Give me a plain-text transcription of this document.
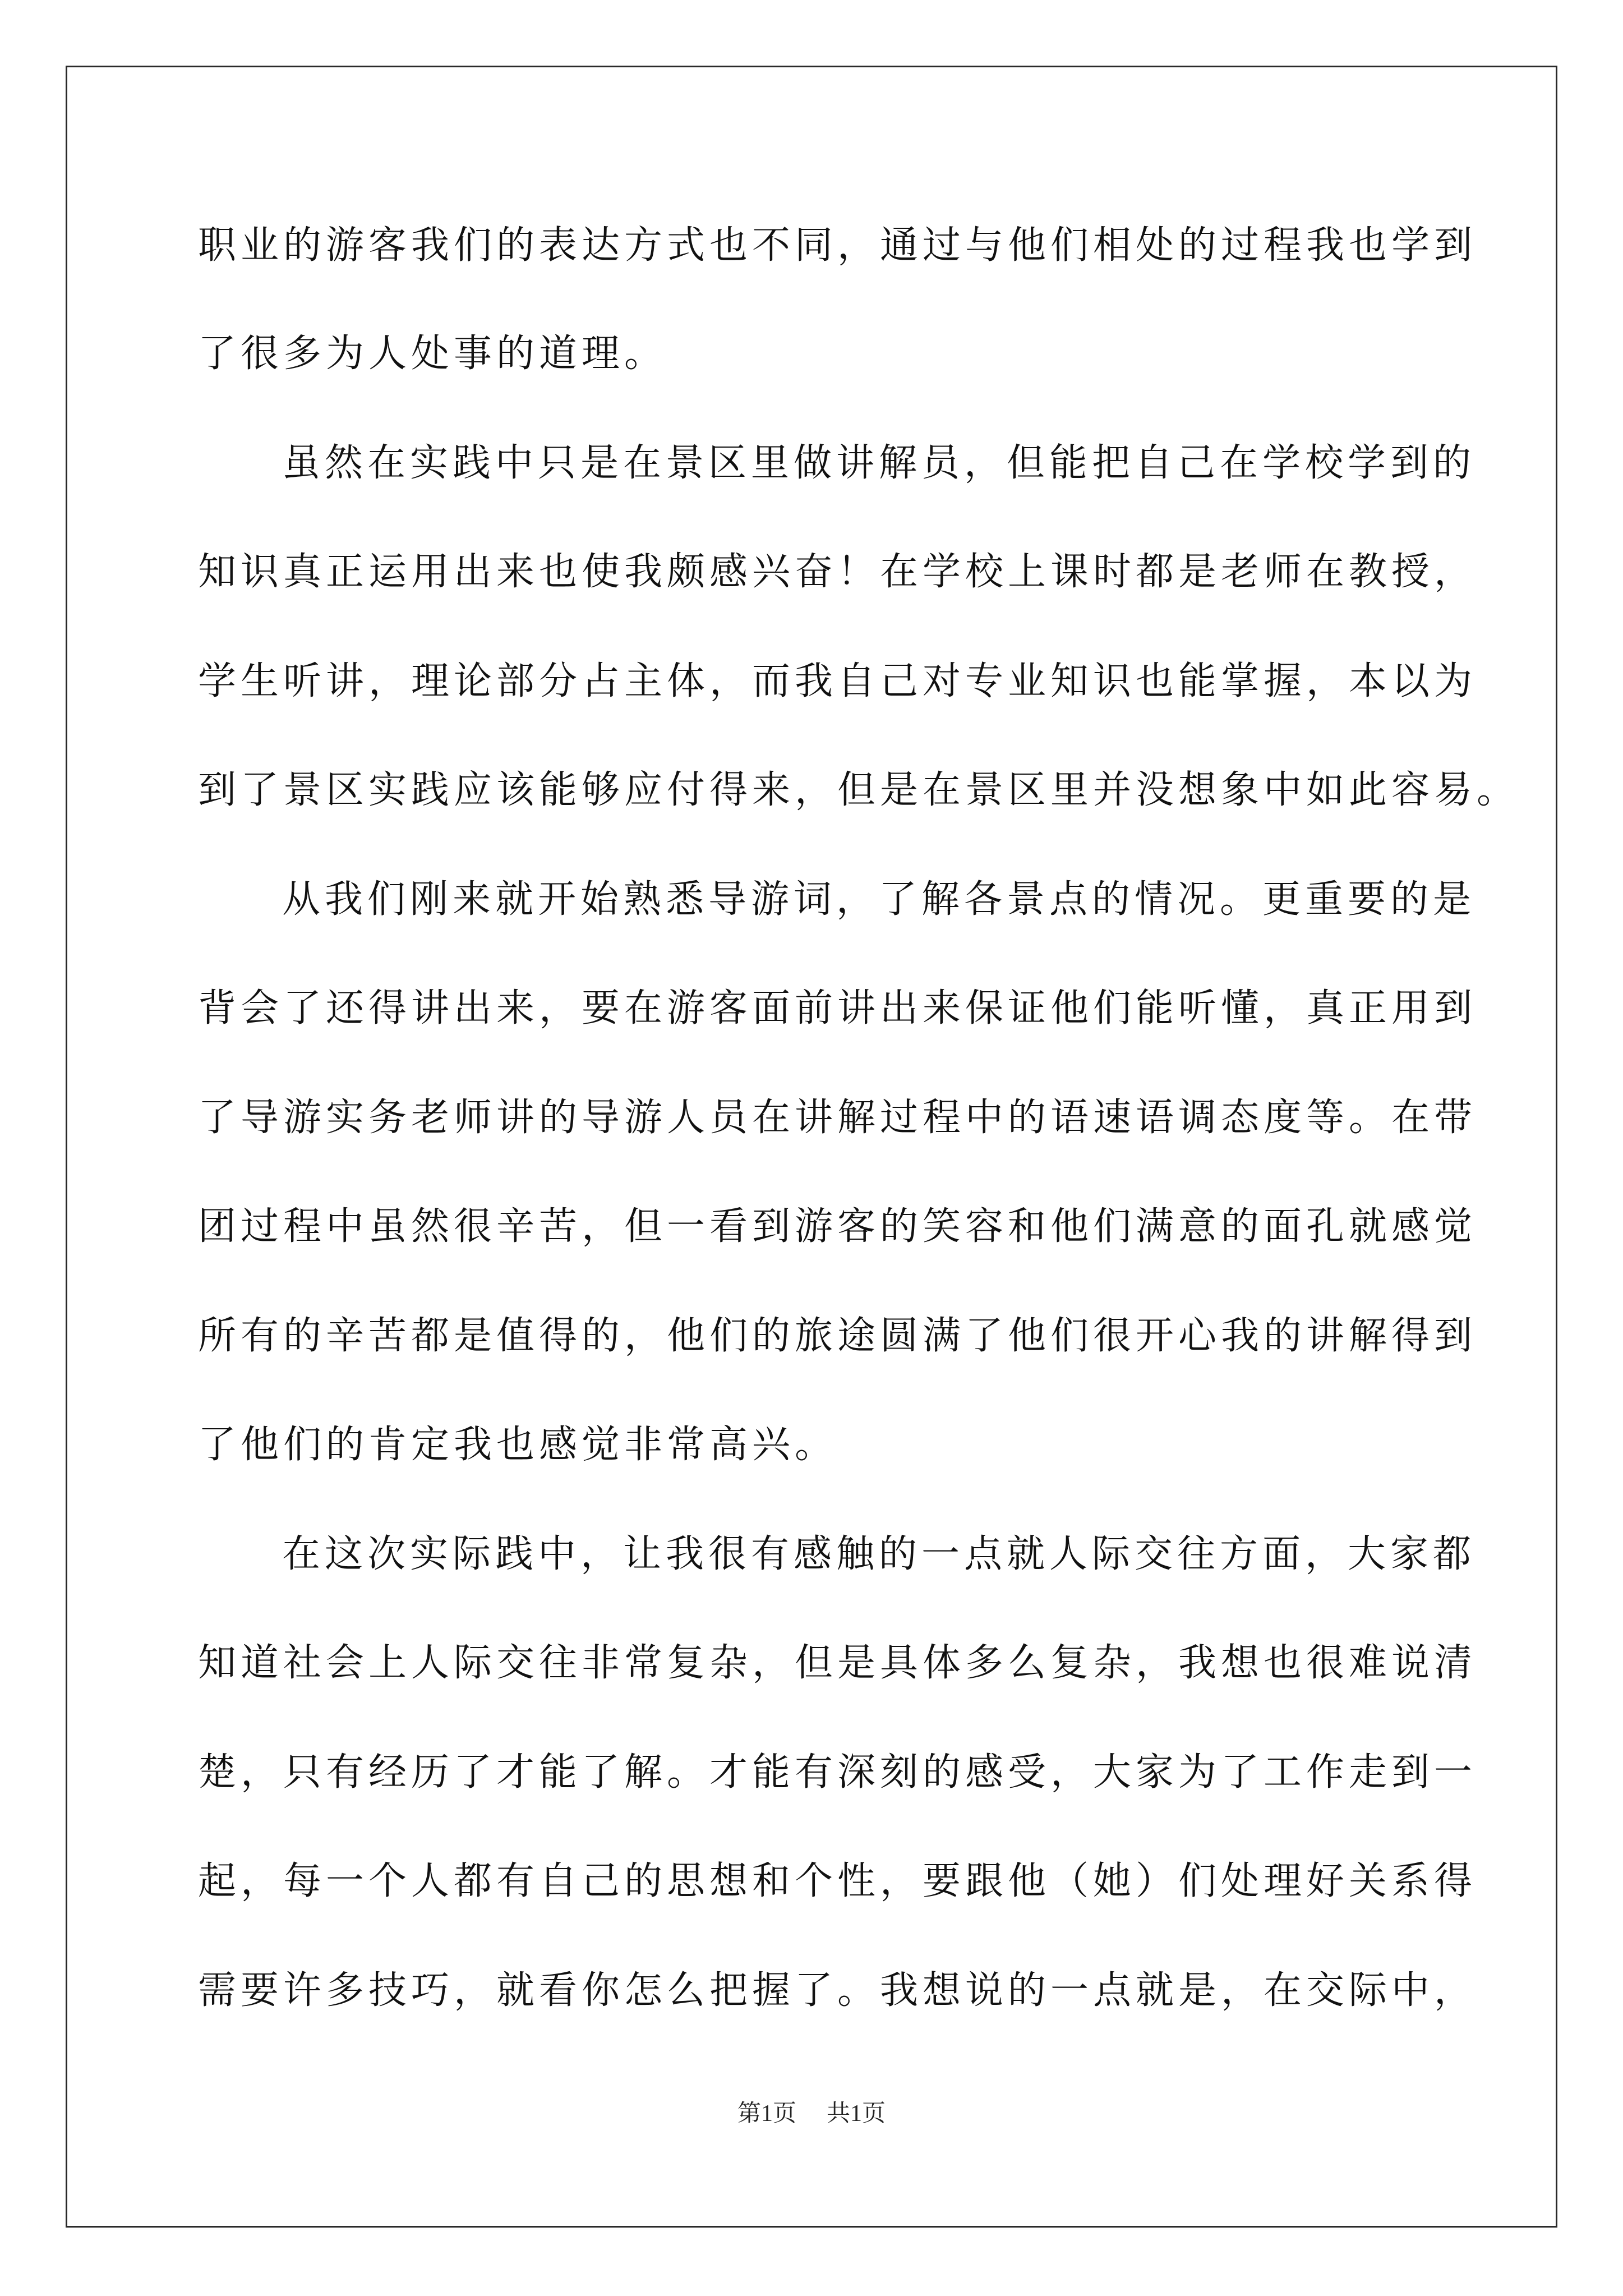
职业的游客我们的表达方式也不同，通过与他们相处的过程我也学到
了很多为人处事的道理。
虽然在实践中只是在景区里做讲解员，但能把自己在学校学到的
知识真正运用出来也使我颇感兴奋！在学校上课时都是老师在教授，
学生听讲，理论部分占主体，而我自己对专业知识也能掌握，本以为
到了景区实践应该能够应付得来，但是在景区里并没想象中如此容易。
从我们刚来就开始熟悉导游词，了解各景点的情况。更重要的是
背会了还得讲出来，要在游客面前讲出来保证他们能听懂，真正用到
了导游实务老师讲的导游人员在讲解过程中的语速语调态度等。在带
团过程中虽然很辛苦，但一看到游客的笑容和他们满意的面孔就感觉
所有的辛苦都是值得的，他们的旅途圆满了他们很开心我的讲解得到
了他们的肯定我也感觉非常高兴。
在这次实际践中，让我很有感触的一点就人际交往方面，大家都
知道社会上人际交往非常复杂，但是具体多么复杂，我想也很难说清
楚，只有经历了才能了解。才能有深刻的感受，大家为了工作走到一
起，每一个人都有自己的思想和个性，要跟他（她）们处理好关系得
需要许多技巧，就看你怎么把握了。我想说的一点就是，在交际中，
第1页 共1页
